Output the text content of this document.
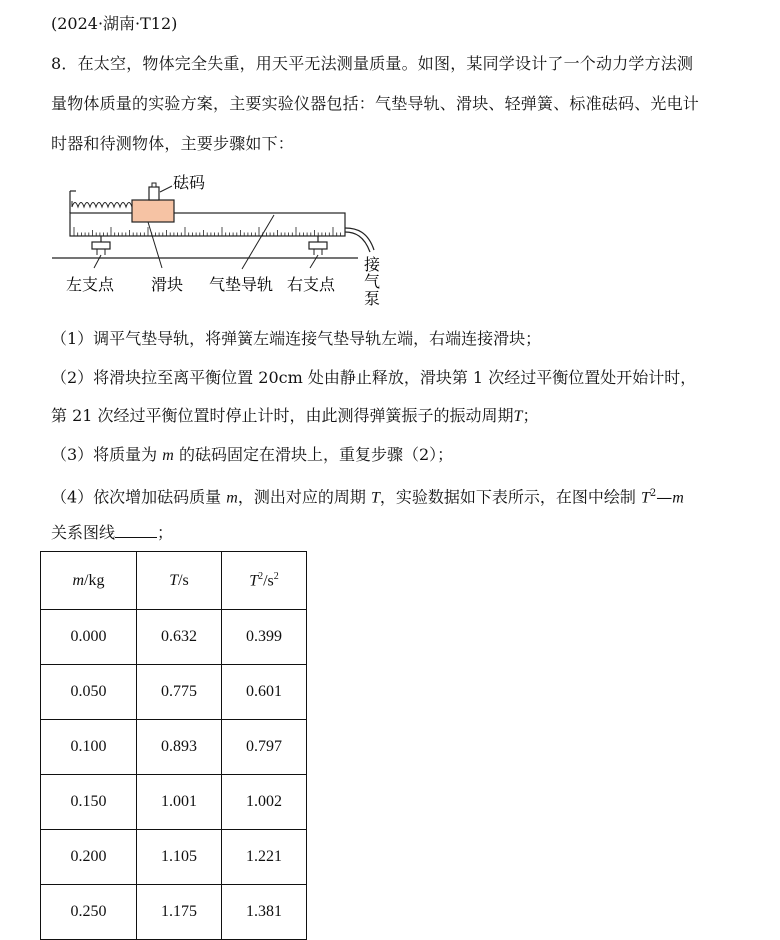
(2024·湖南·T12)
8．在太空，物体完全失重，用天平无法测量质量。如图，某同学设计了一个动力学方法测
量物体质量的实验方案，主要实验仪器包括：气垫导轨、滑块、轻弹簧、标准砝码、光电计
时器和待测物体，主要步骤如下：
砝码
左支点 滑块 气垫导轨 右支点
接
气
泵
（1）调平气垫导轨，将弹簧左端连接气垫导轨左端，右端连接滑块；
（2）将滑块拉至离平衡位置 20cm 处由静止释放，滑块第 1 次经过平衡位置处开始计时，
第 21 次经过平衡位置时停止计时，由此测得弹簧振子的振动周期T；
（3）将质量为 m 的砝码固定在滑块上，重复步骤（2）；
（4）依次增加砝码质量 m，测出对应的周期 T，实验数据如下表所示，在图中绘制 $T^2—m$
关系图线	；
m/kg	T/s	$T^2/s^2$
0.000	0.632	0.399
0.050	0.775	0.601
0.100	0.893	0.797
0.150	1.001	1.002
0.200	1.105	1.221
0.250	1.175	1.381
